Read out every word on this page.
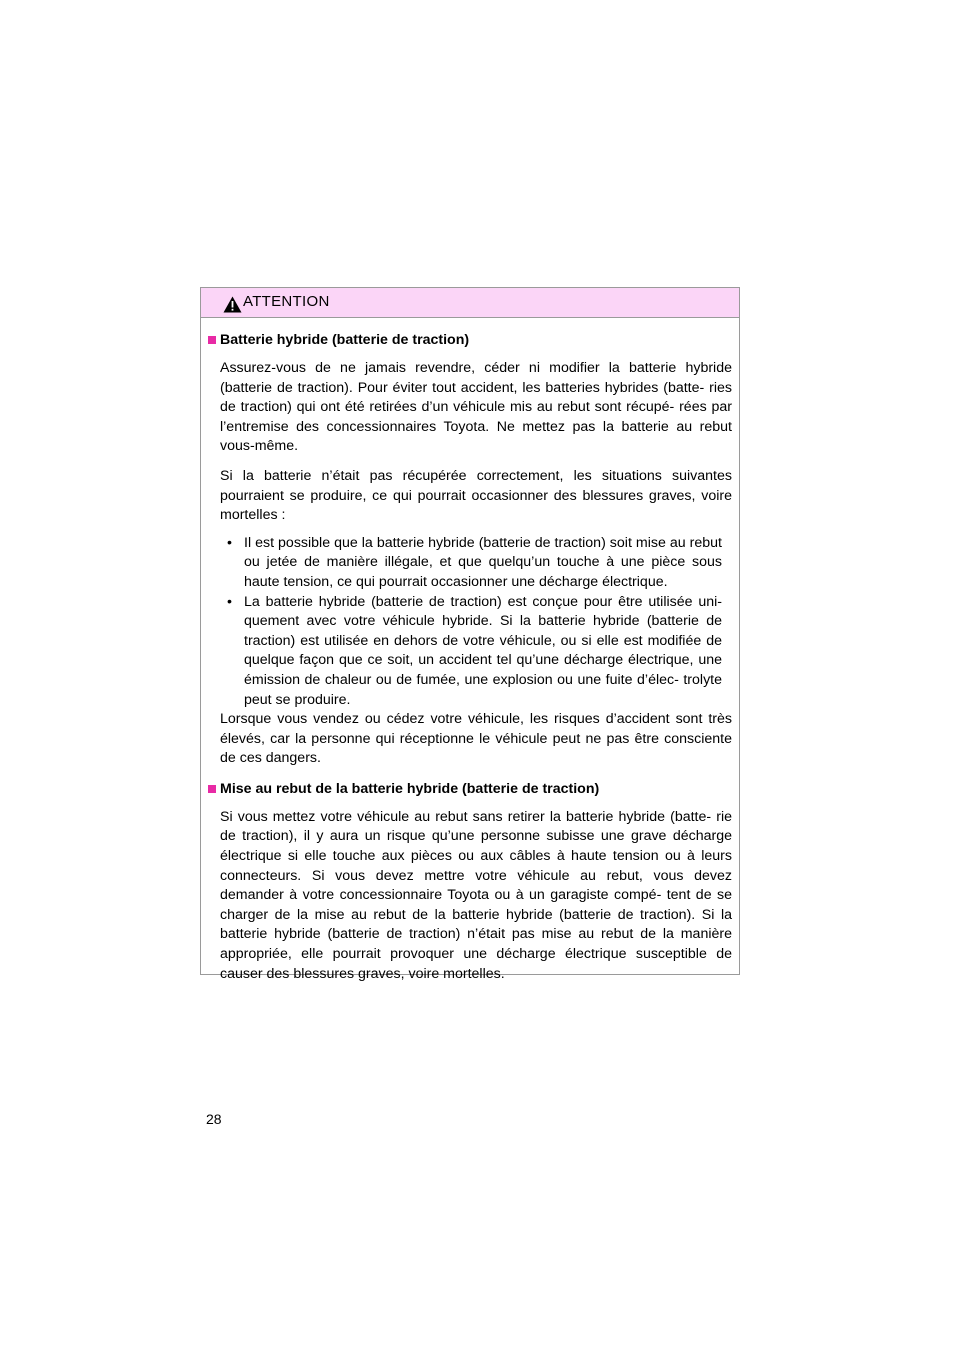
ATTENTION
Batterie hybride (batterie de traction)

Assurez-vous de ne jamais revendre, céder ni modifier la batterie hybride (batterie de traction). Pour éviter tout accident, les batteries hybrides (batte- ries de traction) qui ont été retirées d’un véhicule mis au rebut sont récupé- rées par l’entremise des concessionnaires Toyota. Ne mettez pas la batterie au rebut vous-même.

Si la batterie n’était pas récupérée correctement, les situations suivantes pourraient se produire, ce qui pourrait occasionner des blessures graves, voire mortelles :

• Il est possible que la batterie hybride (batterie de traction) soit mise au rebut ou jetée de manière illégale, et que quelqu’un touche à une pièce sous haute tension, ce qui pourrait occasionner une décharge électrique.
• La batterie hybride (batterie de traction) est conçue pour être utilisée uni- quement avec votre véhicule hybride. Si la batterie hybride (batterie de traction) est utilisée en dehors de votre véhicule, ou si elle est modifiée de quelque façon que ce soit, un accident tel qu’une décharge électrique, une émission de chaleur ou de fumée, une explosion ou une fuite d’élec- trolyte peut se produire.

Lorsque vous vendez ou cédez votre véhicule, les risques d’accident sont très élevés, car la personne qui réceptionne le véhicule peut ne pas être consciente de ces dangers.

Mise au rebut de la batterie hybride (batterie de traction)

Si vous mettez votre véhicule au rebut sans retirer la batterie hybride (batte- rie de traction), il y aura un risque qu’une personne subisse une grave décharge électrique si elle touche aux pièces ou aux câbles à haute tension ou à leurs connecteurs. Si vous devez mettre votre véhicule au rebut, vous devez demander à votre concessionnaire Toyota ou à un garagiste compé- tent de se charger de la mise au rebut de la batterie hybride (batterie de traction). Si la batterie hybride (batterie de traction) n’était pas mise au rebut de la manière appropriée, elle pourrait provoquer une décharge électrique susceptible de causer des blessures graves, voire mortelles.

28
